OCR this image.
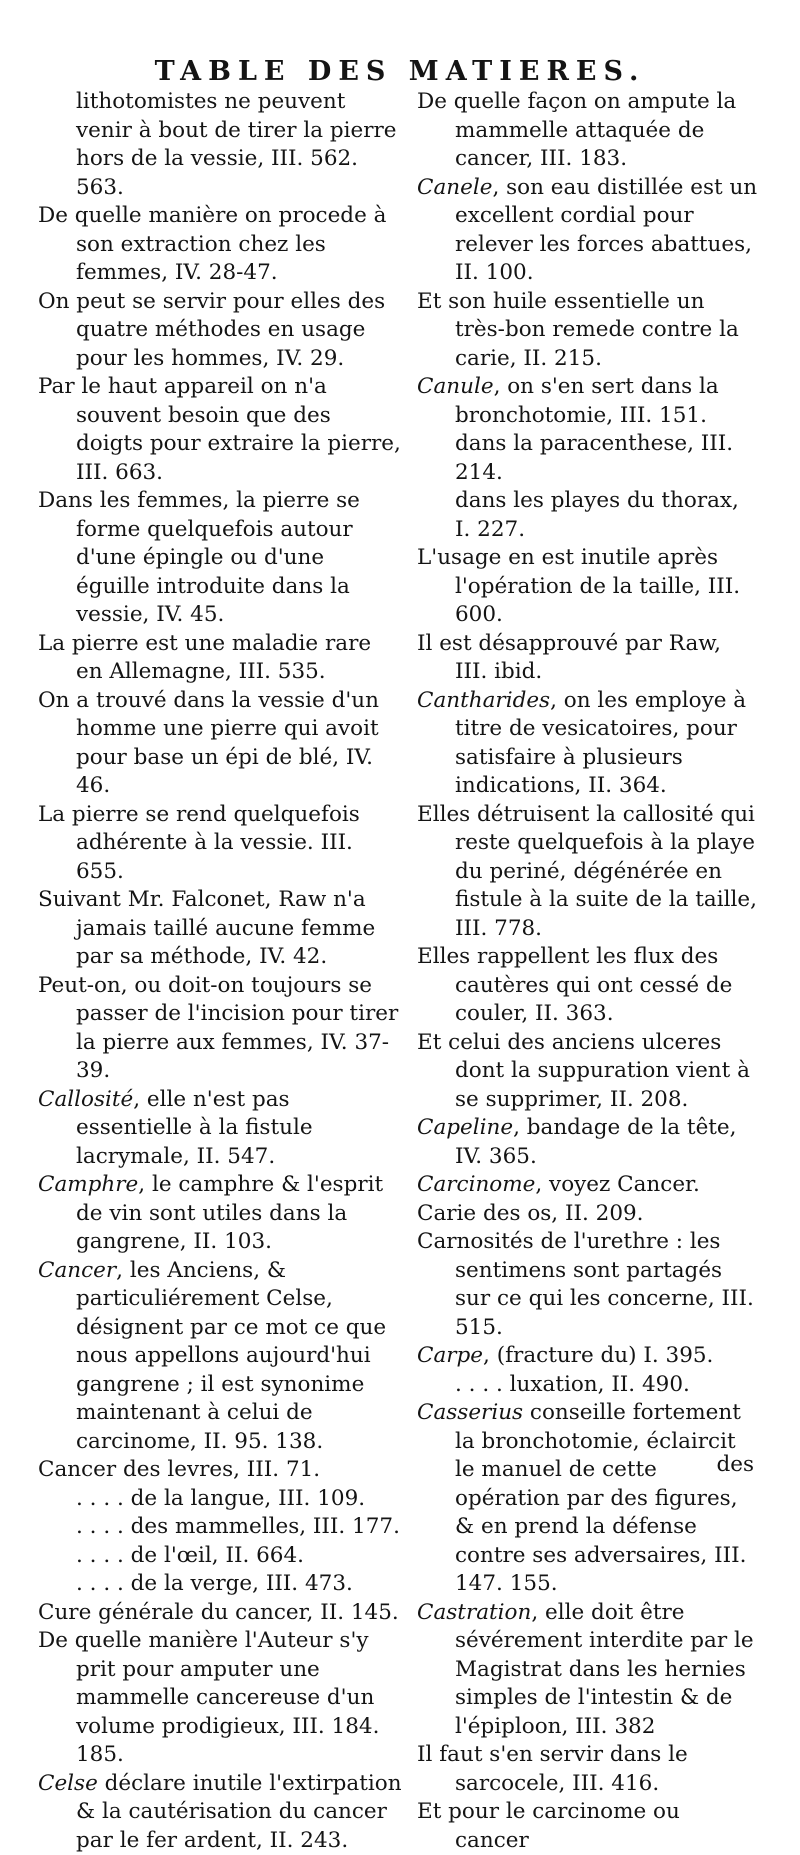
TABLE DES MATIERES.

lithotomistes ne peuvent venir à bout de tirer la pierre hors de la vessie, III. 562. 563.

De quelle manière on procede à son extraction chez les femmes, IV. 28-47.

On peut se servir pour elles des quatre méthodes en usage pour les hommes, IV. 29.

Par le haut appareil on n'a souvent besoin que des doigts pour extraire la pierre, III. 663.

Dans les femmes, la pierre se forme quelquefois autour d'une épingle ou d'une éguille introduite dans la vessie, IV. 45.

La pierre est une maladie rare en Allemagne, III. 535.

On a trouvé dans la vessie d'un homme une pierre qui avoit pour base un épi de blé, IV. 46.

La pierre se rend quelquefois adhérente à la vessie. III. 655.

Suivant Mr. Falconet, Raw n'a jamais taillé aucune femme par sa méthode, IV. 42.

Peut-on, ou doit-on toujours se passer de l'incision pour tirer la pierre aux femmes, IV. 37-39.

Callosité, elle n'est pas essentielle à la fistule lacrymale, II. 547.

Camphre, le camphre & l'esprit de vin sont utiles dans la gangrene, II. 103.

Cancer, les Anciens, & particuliérement Celse, désignent par ce mot ce que nous appellons aujourd'hui gangrene ; il est synonime maintenant à celui de carcinome, II. 95. 138.

Cancer des levres, III. 71.

. . . . de la langue, III. 109.

. . . . des mammelles, III. 177.

. . . . de l'œil, II. 664.

. . . . de la verge, III. 473.

Cure générale du cancer, II. 145.

De quelle manière l'Auteur s'y prit pour amputer une mammelle cancereuse d'un volume prodigieux, III. 184. 185.

Celse déclare inutile l'extirpation & la cautérisation du cancer par le fer ardent, II. 243.

De quelle façon on ampute la mammelle attaquée de cancer, III. 183.

Canele, son eau distillée est un excellent cordial pour relever les forces abattues, II. 100.

Et son huile essentielle un très-bon remede contre la carie, II. 215.

Canule, on s'en sert dans la bronchotomie, III. 151.

dans la paracenthese, III. 214.

dans les playes du thorax, I. 227.

L'usage en est inutile après l'opération de la taille, III. 600.

Il est désapprouvé par Raw, III. ibid.

Cantharides, on les employe à titre de vesicatoires, pour satisfaire à plusieurs indications, II. 364.

Elles détruisent la callosité qui reste quelquefois à la playe du periné, dégénérée en fistule à la suite de la taille, III. 778.

Elles rappellent les flux des cautères qui ont cessé de couler, II. 363.

Et celui des anciens ulceres dont la suppuration vient à se supprimer, II. 208.

Capeline, bandage de la tête, IV. 365.

Carcinome, voyez Cancer.

Carie des os, II. 209.

Carnosités de l'urethre : les sentimens sont partagés sur ce qui les concerne, III. 515.

Carpe, (fracture du) I. 395.

. . . . luxation, II. 490.

Casserius conseille fortement la bronchotomie, éclaircit le manuel de cette opération par des figures, & en prend la défense contre ses adversaires, III. 147. 155.

Castration, elle doit être sévérement interdite par le Magistrat dans les hernies simples de l'intestin & de l'épiploon, III. 382

Il faut s'en servir dans le sarcocele, III. 416.

Et pour le carcinome ou cancer

des
